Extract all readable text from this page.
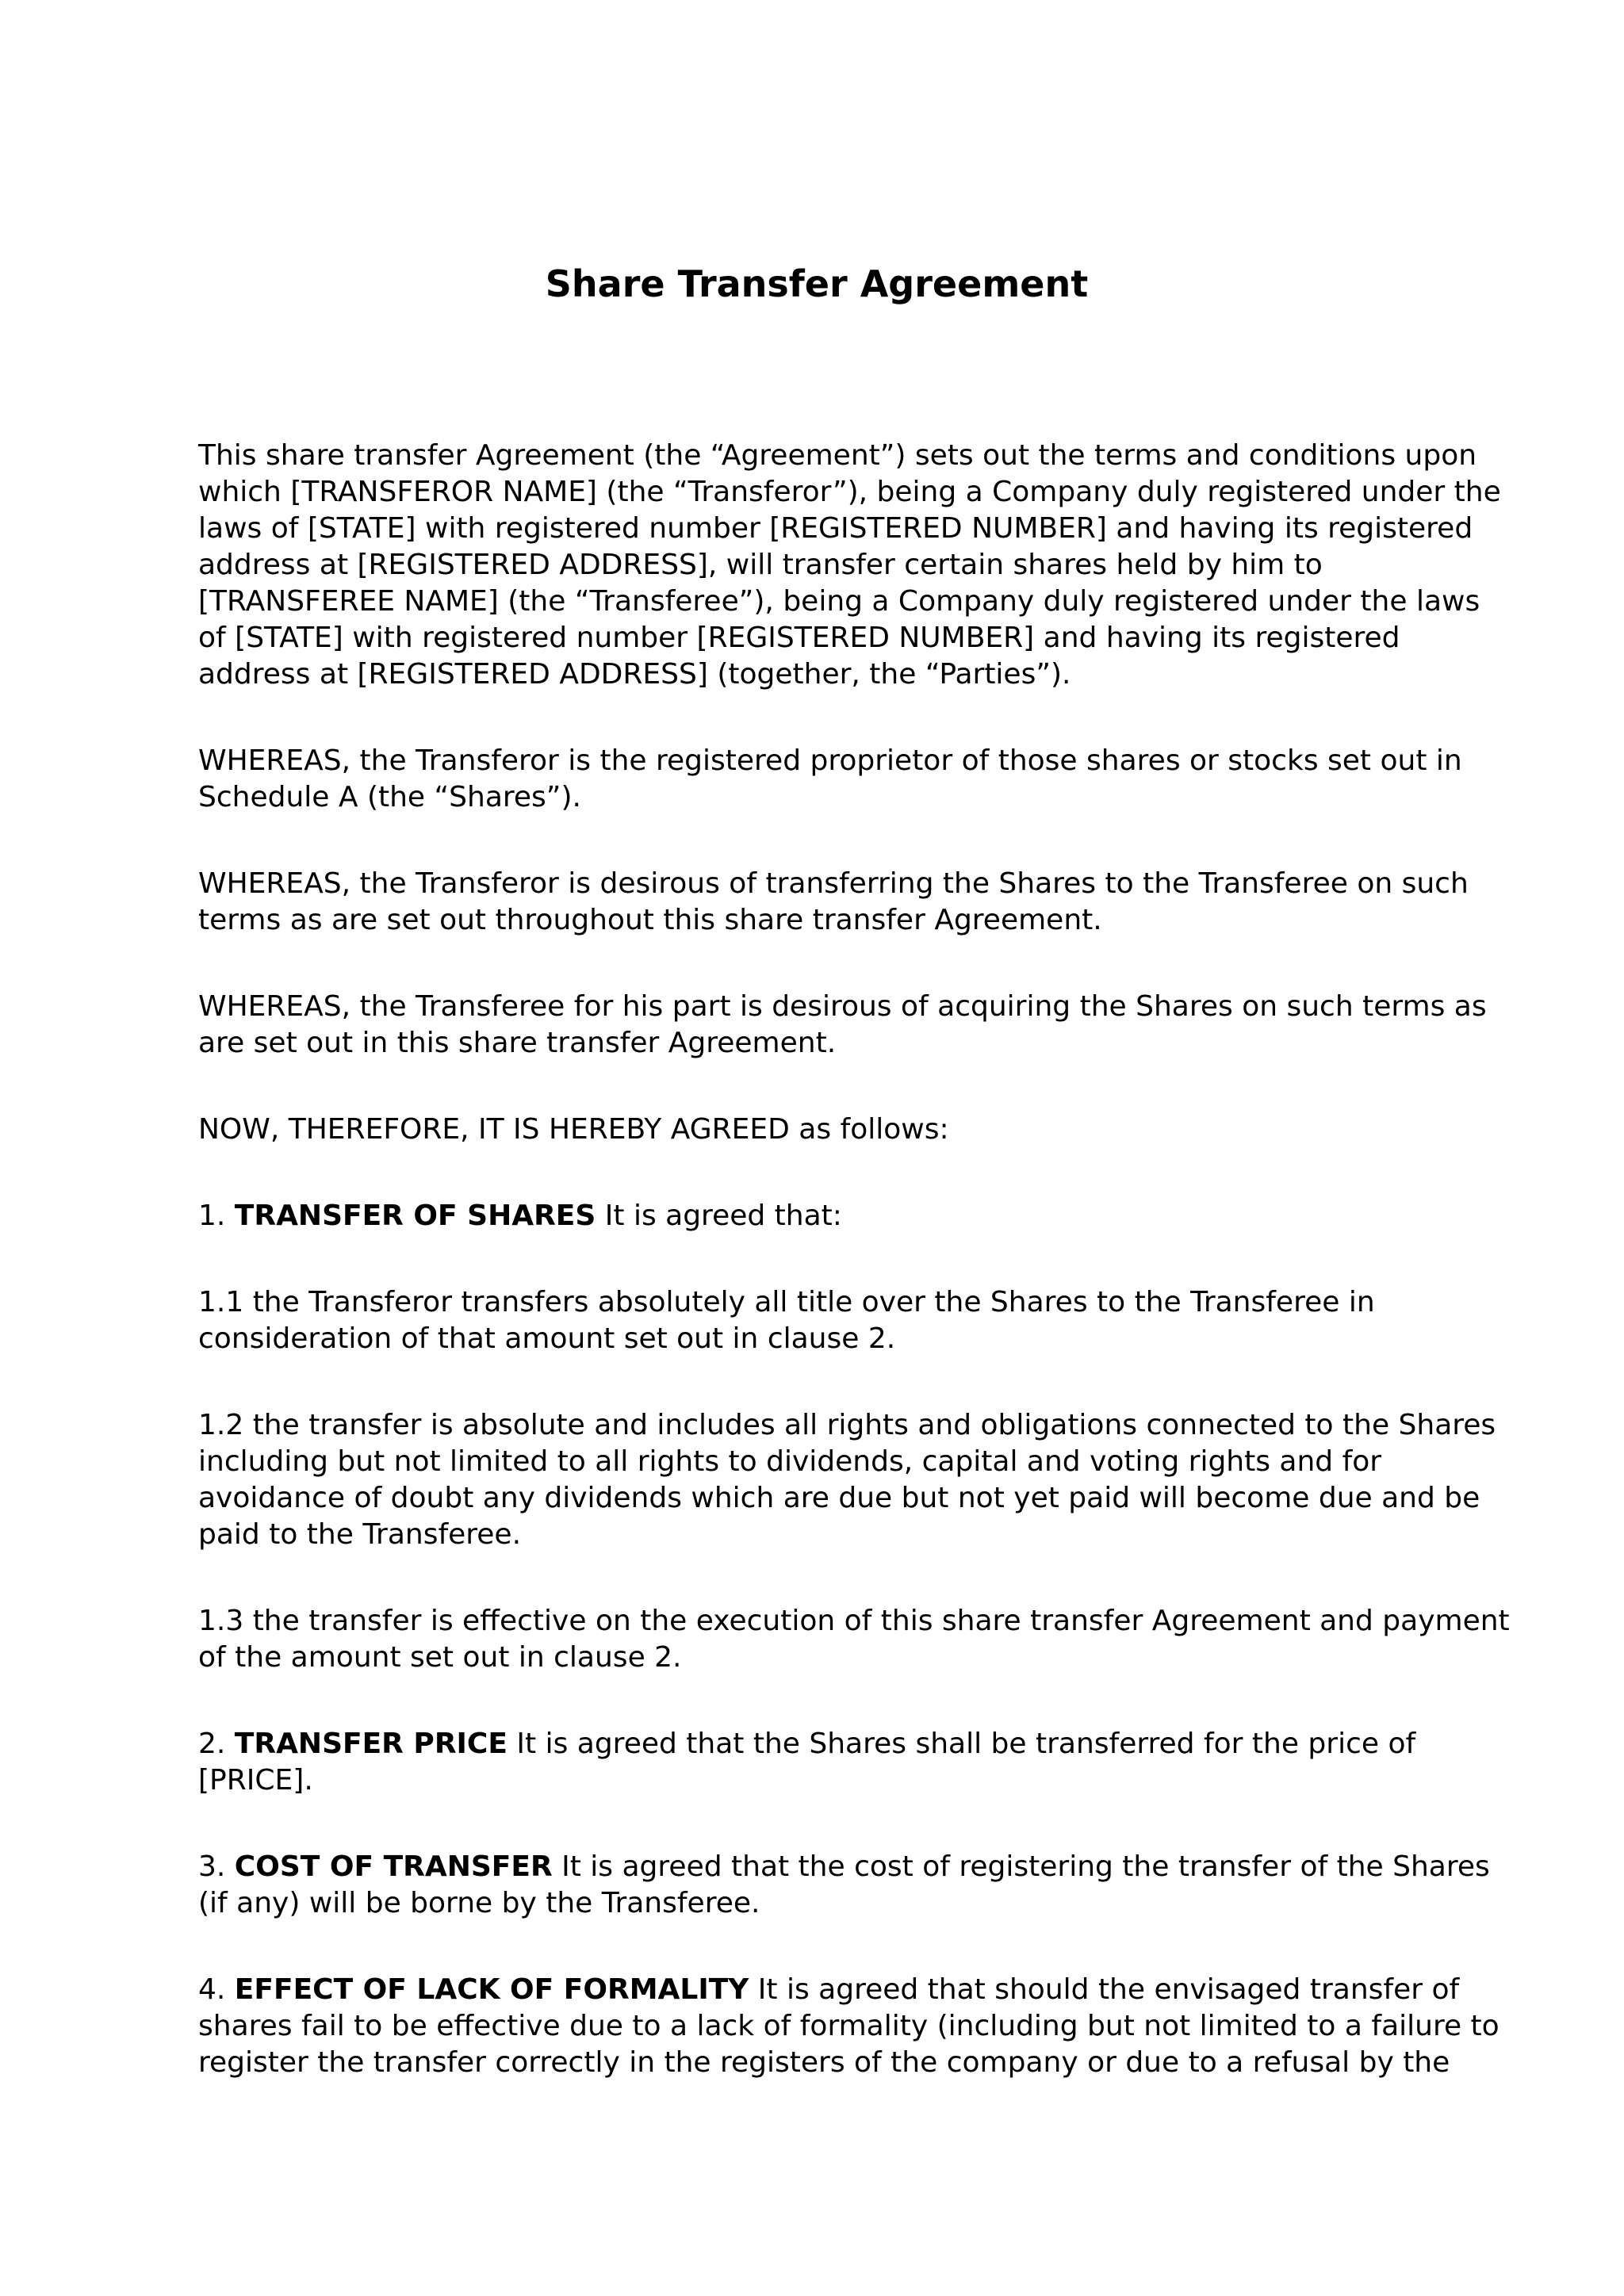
Share Transfer Agreement

This share transfer Agreement (the “Agreement”) sets out the terms and conditions upon
which [TRANSFEROR NAME] (the “Transferor”), being a Company duly registered under the
laws of [STATE] with registered number [REGISTERED NUMBER] and having its registered
address at [REGISTERED ADDRESS], will transfer certain shares held by him to
[TRANSFEREE NAME] (the “Transferee”), being a Company duly registered under the laws
of [STATE] with registered number [REGISTERED NUMBER] and having its registered
address at [REGISTERED ADDRESS] (together, the “Parties”).

WHEREAS, the Transferor is the registered proprietor of those shares or stocks set out in
Schedule A (the “Shares”).

WHEREAS, the Transferor is desirous of transferring the Shares to the Transferee on such
terms as are set out throughout this share transfer Agreement.

WHEREAS, the Transferee for his part is desirous of acquiring the Shares on such terms as
are set out in this share transfer Agreement.

NOW, THEREFORE, IT IS HEREBY AGREED as follows:

1. TRANSFER OF SHARES It is agreed that:

1.1 the Transferor transfers absolutely all title over the Shares to the Transferee in
consideration of that amount set out in clause 2.

1.2 the transfer is absolute and includes all rights and obligations connected to the Shares
including but not limited to all rights to dividends, capital and voting rights and for
avoidance of doubt any dividends which are due but not yet paid will become due and be
paid to the Transferee.

1.3 the transfer is effective on the execution of this share transfer Agreement and payment
of the amount set out in clause 2.

2. TRANSFER PRICE It is agreed that the Shares shall be transferred for the price of
[PRICE].

3. COST OF TRANSFER It is agreed that the cost of registering the transfer of the Shares
(if any) will be borne by the Transferee.

4. EFFECT OF LACK OF FORMALITY It is agreed that should the envisaged transfer of
shares fail to be effective due to a lack of formality (including but not limited to a failure to
register the transfer correctly in the registers of the company or due to a refusal by the
